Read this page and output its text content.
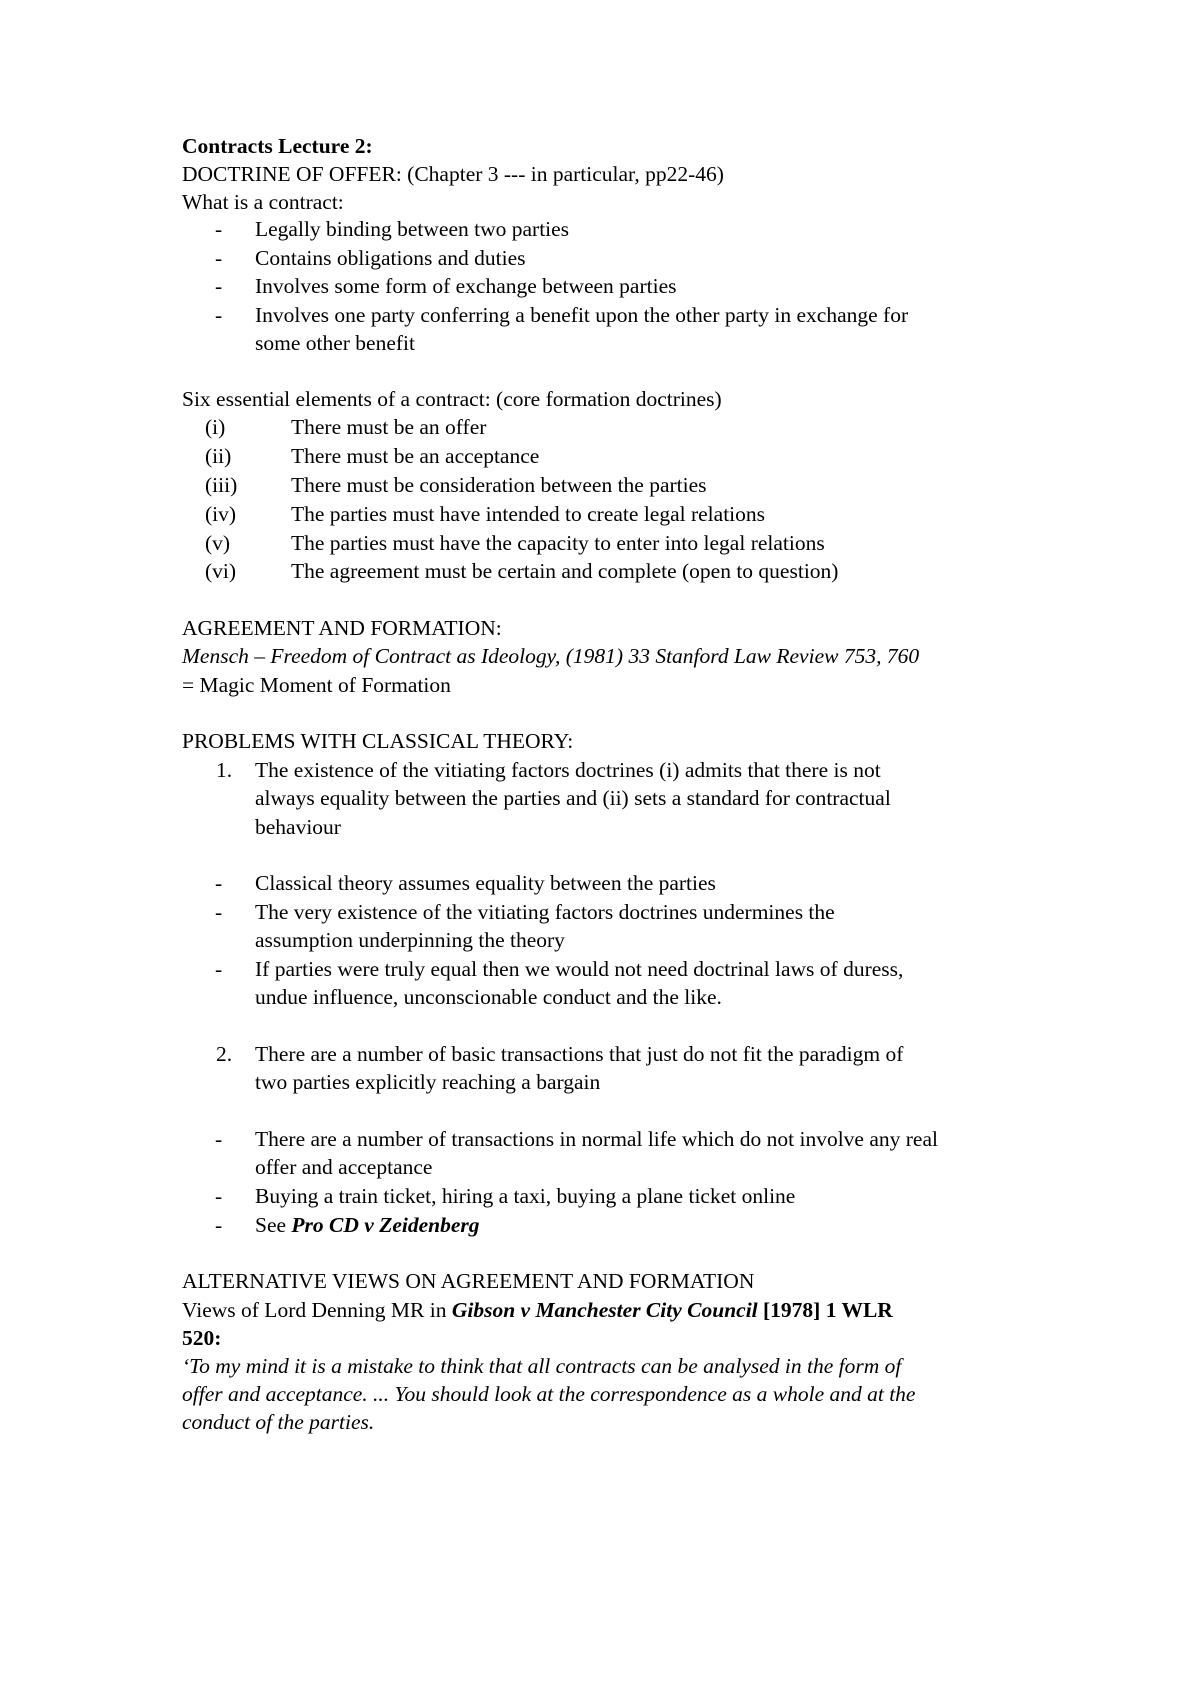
Contracts Lecture 2:
DOCTRINE OF OFFER: (Chapter 3 --- in particular, pp22-46)
What is a contract:
- Legally binding between two parties
- Contains obligations and duties
- Involves some form of exchange between parties
- Involves one party conferring a benefit upon the other party in exchange for
some other benefit
Six essential elements of a contract: (core formation doctrines)
(i)	There must be an offer
(ii)	There must be an acceptance
(iii)	There must be consideration between the parties
(iv)	The parties must have intended to create legal relations
(v)	The parties must have the capacity to enter into legal relations
(vi)	The agreement must be certain and complete (open to question)
AGREEMENT AND FORMATION:
Mensch – Freedom of Contract as Ideology, (1981) 33 Stanford Law Review 753, 760
= Magic Moment of Formation
PROBLEMS WITH CLASSICAL THEORY:
1. The existence of the vitiating factors doctrines (i) admits that there is not
always equality between the parties and (ii) sets a standard for contractual
behaviour
- Classical theory assumes equality between the parties
- The very existence of the vitiating factors doctrines undermines the
assumption underpinning the theory
- If parties were truly equal then we would not need doctrinal laws of duress,
undue influence, unconscionable conduct and the like.
2. There are a number of basic transactions that just do not fit the paradigm of
two parties explicitly reaching a bargain
- There are a number of transactions in normal life which do not involve any real
offer and acceptance
- Buying a train ticket, hiring a taxi, buying a plane ticket online
- See Pro CD v Zeidenberg
ALTERNATIVE VIEWS ON AGREEMENT AND FORMATION
Views of Lord Denning MR in Gibson v Manchester City Council [1978] 1 WLR
520:
‘To my mind it is a mistake to think that all contracts can be analysed in the form of
offer and acceptance. ... You should look at the correspondence as a whole and at the
conduct of the parties.
